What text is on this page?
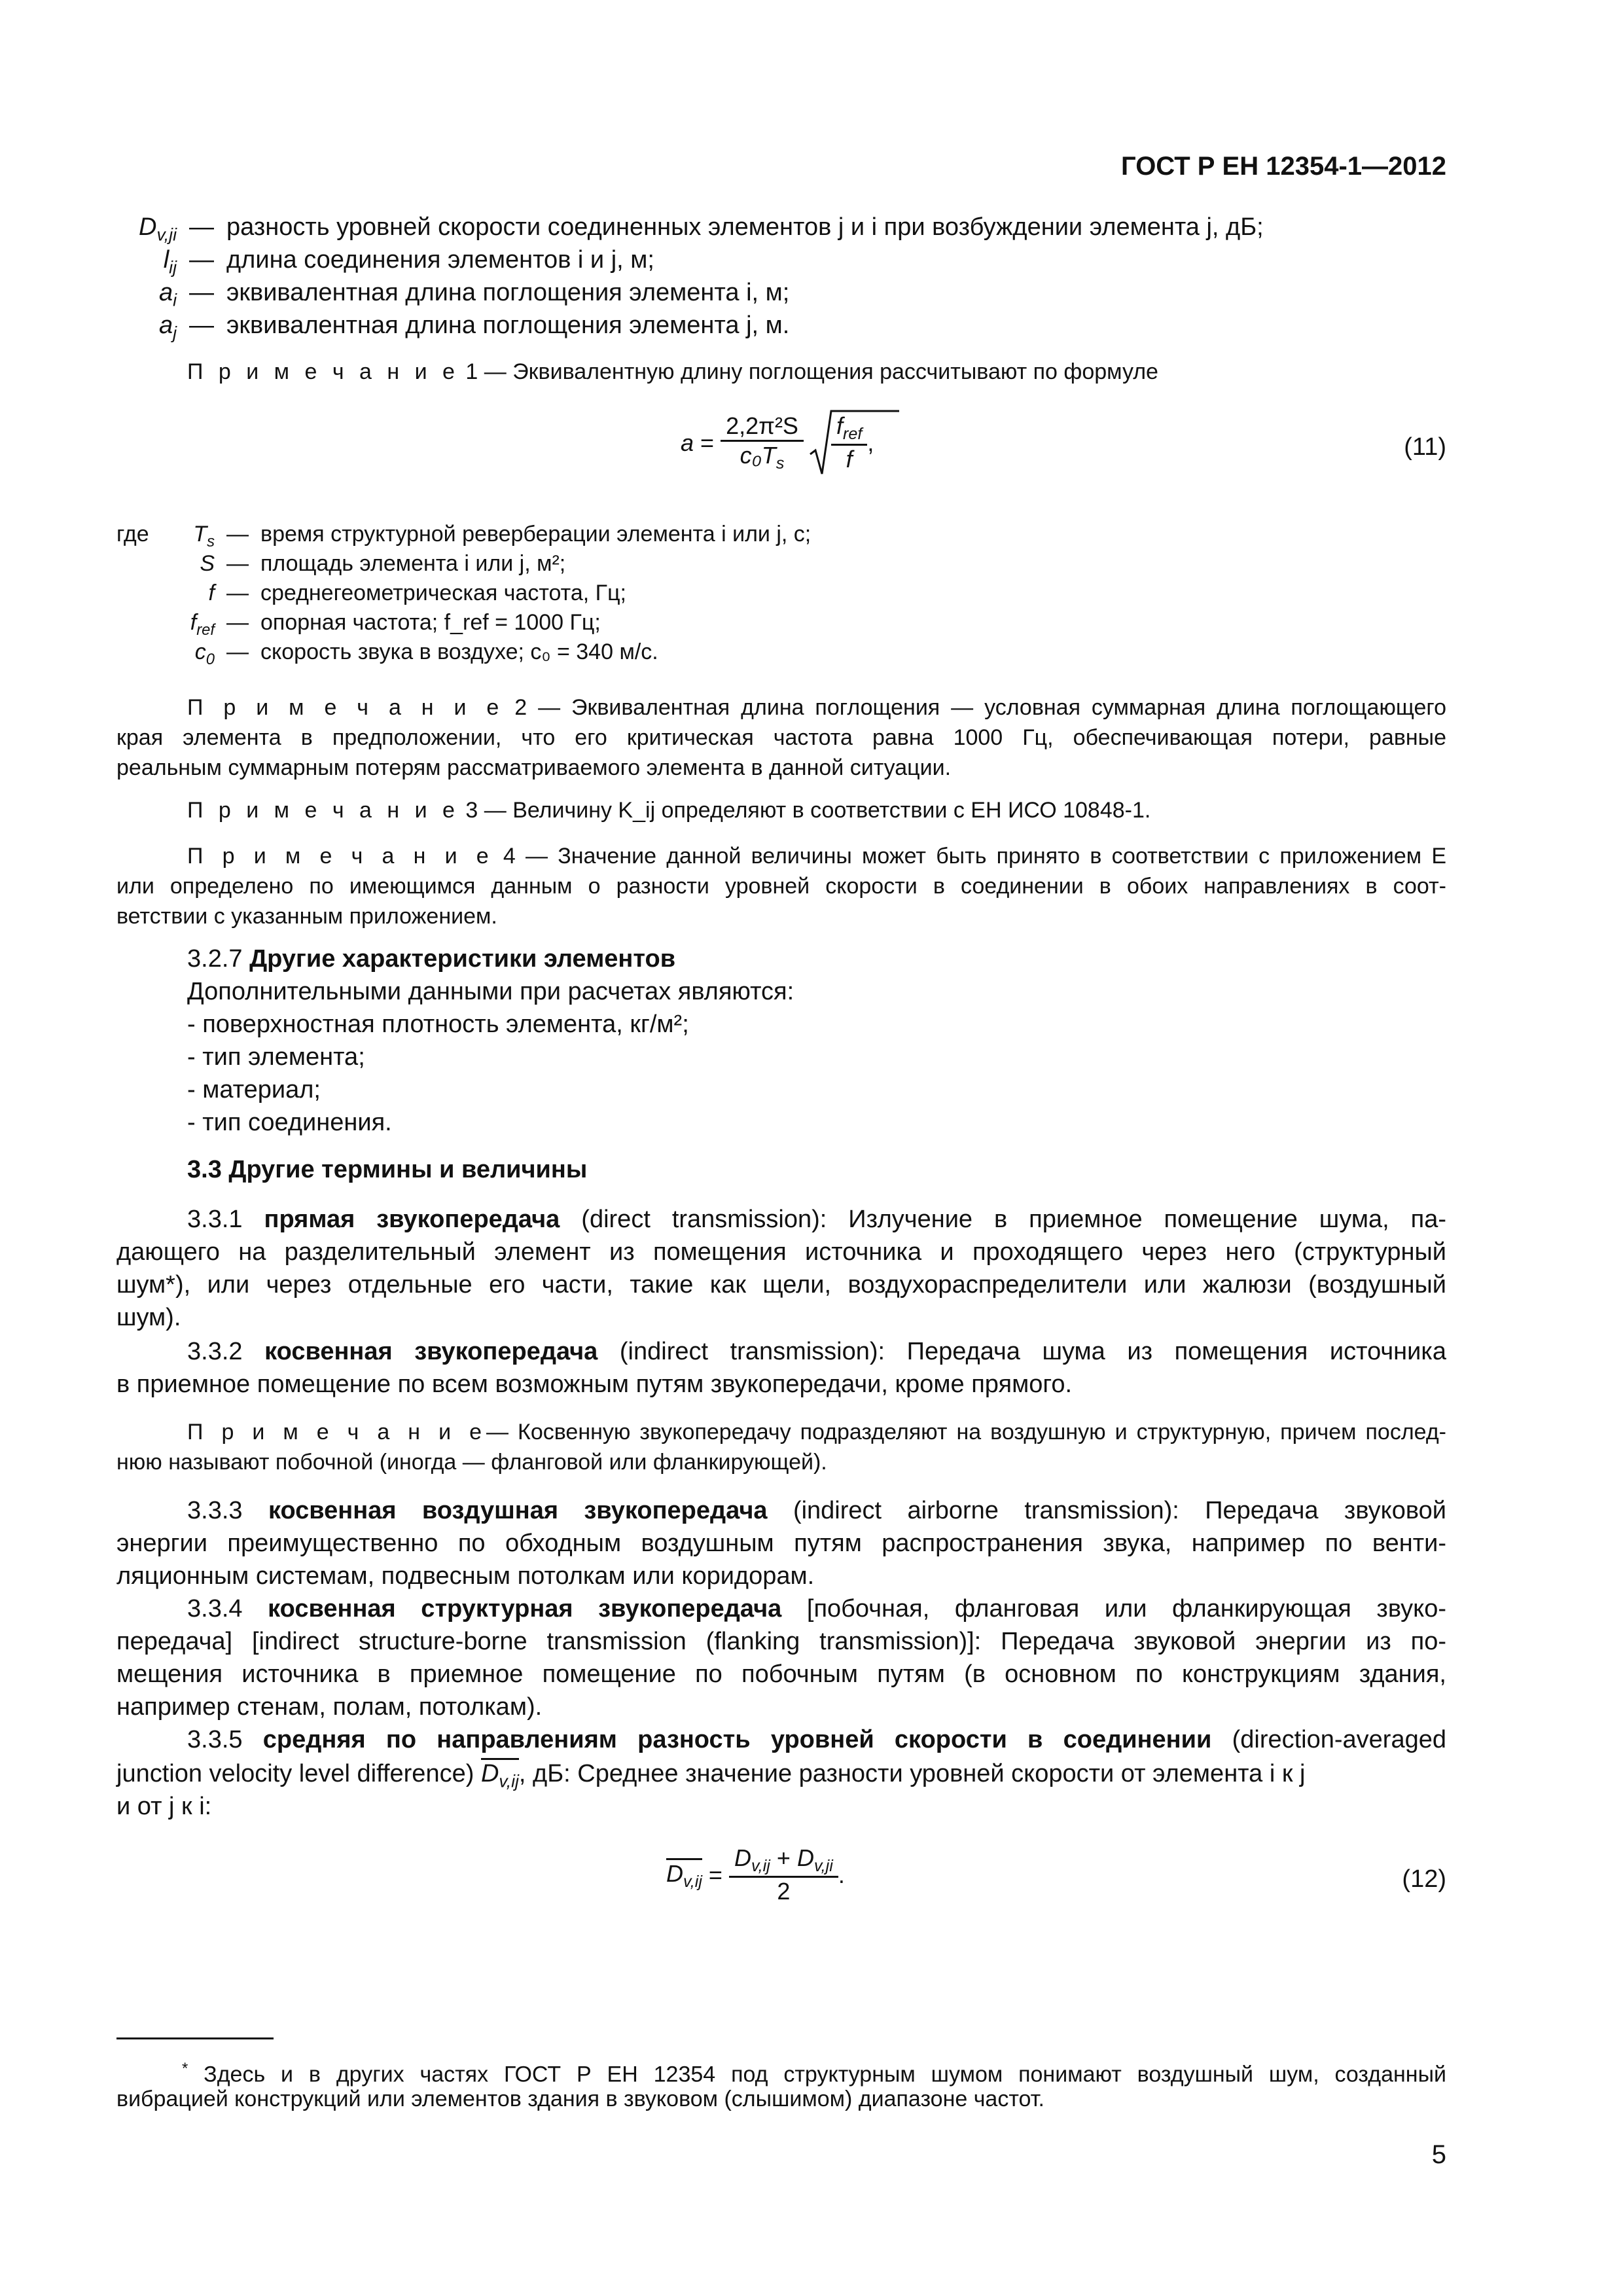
ГОСТ Р ЕН 12354-1—2012
$D_{v,ji}$ — разность уровней скорости соединенных элементов j и i при возбуждении элемента j, дБ;
$l_{ij}$ — длина соединения элементов i и j, м;
$a_i$ — эквивалентная длина поглощения элемента i, м;
$a_j$ — эквивалентная длина поглощения элемента j, м.
П р и м е ч а н и е 1 — Эквивалентную длину поглощения рассчитывают по формуле
$a = \frac{\text{2,2π²S}}{c_0T_s} \frac{f_{ref}}{f}$ ,	(11)
где	$T_s$ — время структурной реверберации элемента i или j, с;
S — площадь элемента i или j, м²;
f — среднегеометрическая частота, Гц;
$f_{ref}$ — опорная частота; f_ref = 1000 Гц;
$c_0$ — скорость звука в воздухе; c₀ = 340 м/с.
П р и м е ч а н и е 2 — Эквивалентная длина поглощения — условная суммарная длина поглощающего
края элемента в предположении, что его критическая частота равна 1000 Гц, обеспечивающая потери, равные
реальным суммарным потерям рассматриваемого элемента в данной ситуации.
П р и м е ч а н и е 3 — Величину K_ij определяют в соответствии с ЕН ИСО 10848-1.
П р и м е ч а н и е 4 — Значение данной величины может быть принято в соответствии с приложением Е
или определено по имеющимся данным о разности уровней скорости в соединении в обоих направлениях в соот-
ветствии с указанным приложением.
3.2.7 Другие характеристики элементов
Дополнительными данными при расчетах являются:
- поверхностная плотность элемента, кг/м²;
- тип элемента;
- материал;
- тип соединения.
3.3 Другие термины и величины
3.3.1 прямая звукопередача (direct transmission): Излучение в приемное помещение шума, па-
дающего на разделительный элемент из помещения источника и проходящего через него (структурный
шум*), или через отдельные его части, такие как щели, воздухораспределители или жалюзи (воздушный
шум).
3.3.2 косвенная звукопередача (indirect transmission): Передача шума из помещения источника
в приемное помещение по всем возможным путям звукопередачи, кроме прямого.
П р и м е ч а н и е— Косвенную звукопередачу подразделяют на воздушную и структурную, причем послед-
нюю называют побочной (иногда — фланговой или фланкирующей).
3.3.3 косвенная воздушная звукопередача (indirect airborne transmission): Передача звуковой
энергии преимущественно по обходным воздушным путям распространения звука, например по венти-
ляционным системам, подвесным потолкам или коридорам.
3.3.4 косвенная структурная звукопередача [побочная, фланговая или фланкирующая звуко-
передача] [indirect structure-borne transmission (flanking transmission)]: Передача звуковой энергии из по-
мещения источника в приемное помещение по побочным путям (в основном по конструкциям здания,
например стенам, полам, потолкам).
3.3.5 средняя по направлениям разность уровней скорости в соединении (direction-averaged
junction velocity level difference) $D_{v,ij}$, дБ: Среднее значение разности уровней скорости от элемента i к j
и от j к i:
$D_{v,ij} = \frac{D_{v,ij} + D_{v,ji}}{2}$ .	(12)
* Здесь и в других частях ГОСТ Р ЕН 12354 под структурным шумом понимают воздушный шум, созданный
вибрацией конструкций или элементов здания в звуковом (слышимом) диапазоне частот.
5
